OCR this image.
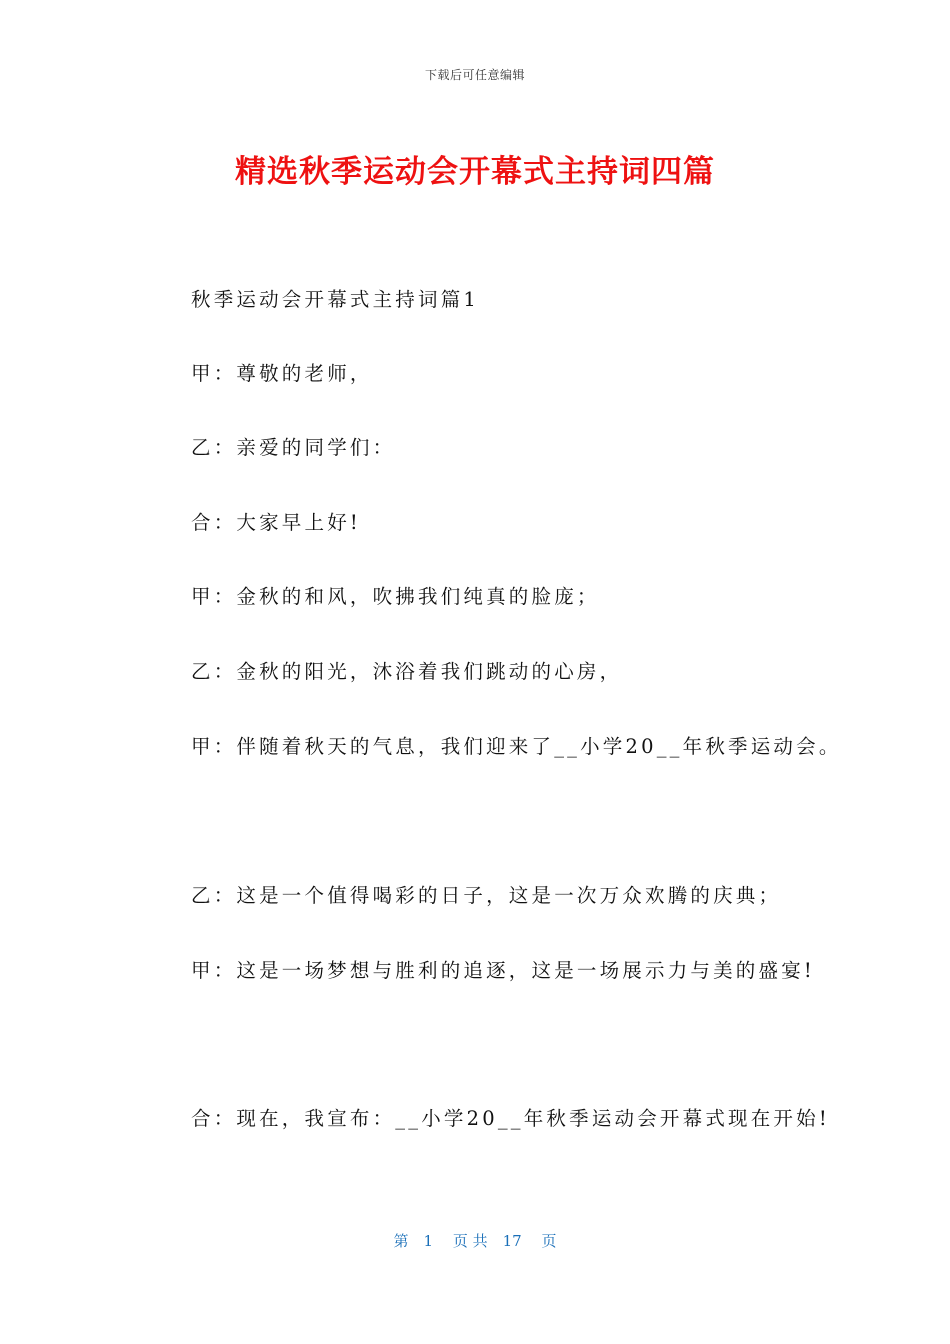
下载后可任意编辑
精选秋季运动会开幕式主持词四篇
秋季运动会开幕式主持词篇1
甲：尊敬的老师，
乙：亲爱的同学们：
合：大家早上好!
甲：金秋的和风，吹拂我们纯真的脸庞；
乙：金秋的阳光，沐浴着我们跳动的心房，
甲：伴随着秋天的气息，我们迎来了__小学20__年秋季运动会。
乙：这是一个值得喝彩的日子，这是一次万众欢腾的庆典；
甲：这是一场梦想与胜利的追逐，这是一场展示力与美的盛宴!
合：现在，我宣布：__小学20__年秋季运动会开幕式现在开始!
第　1　 页 共　17　 页
